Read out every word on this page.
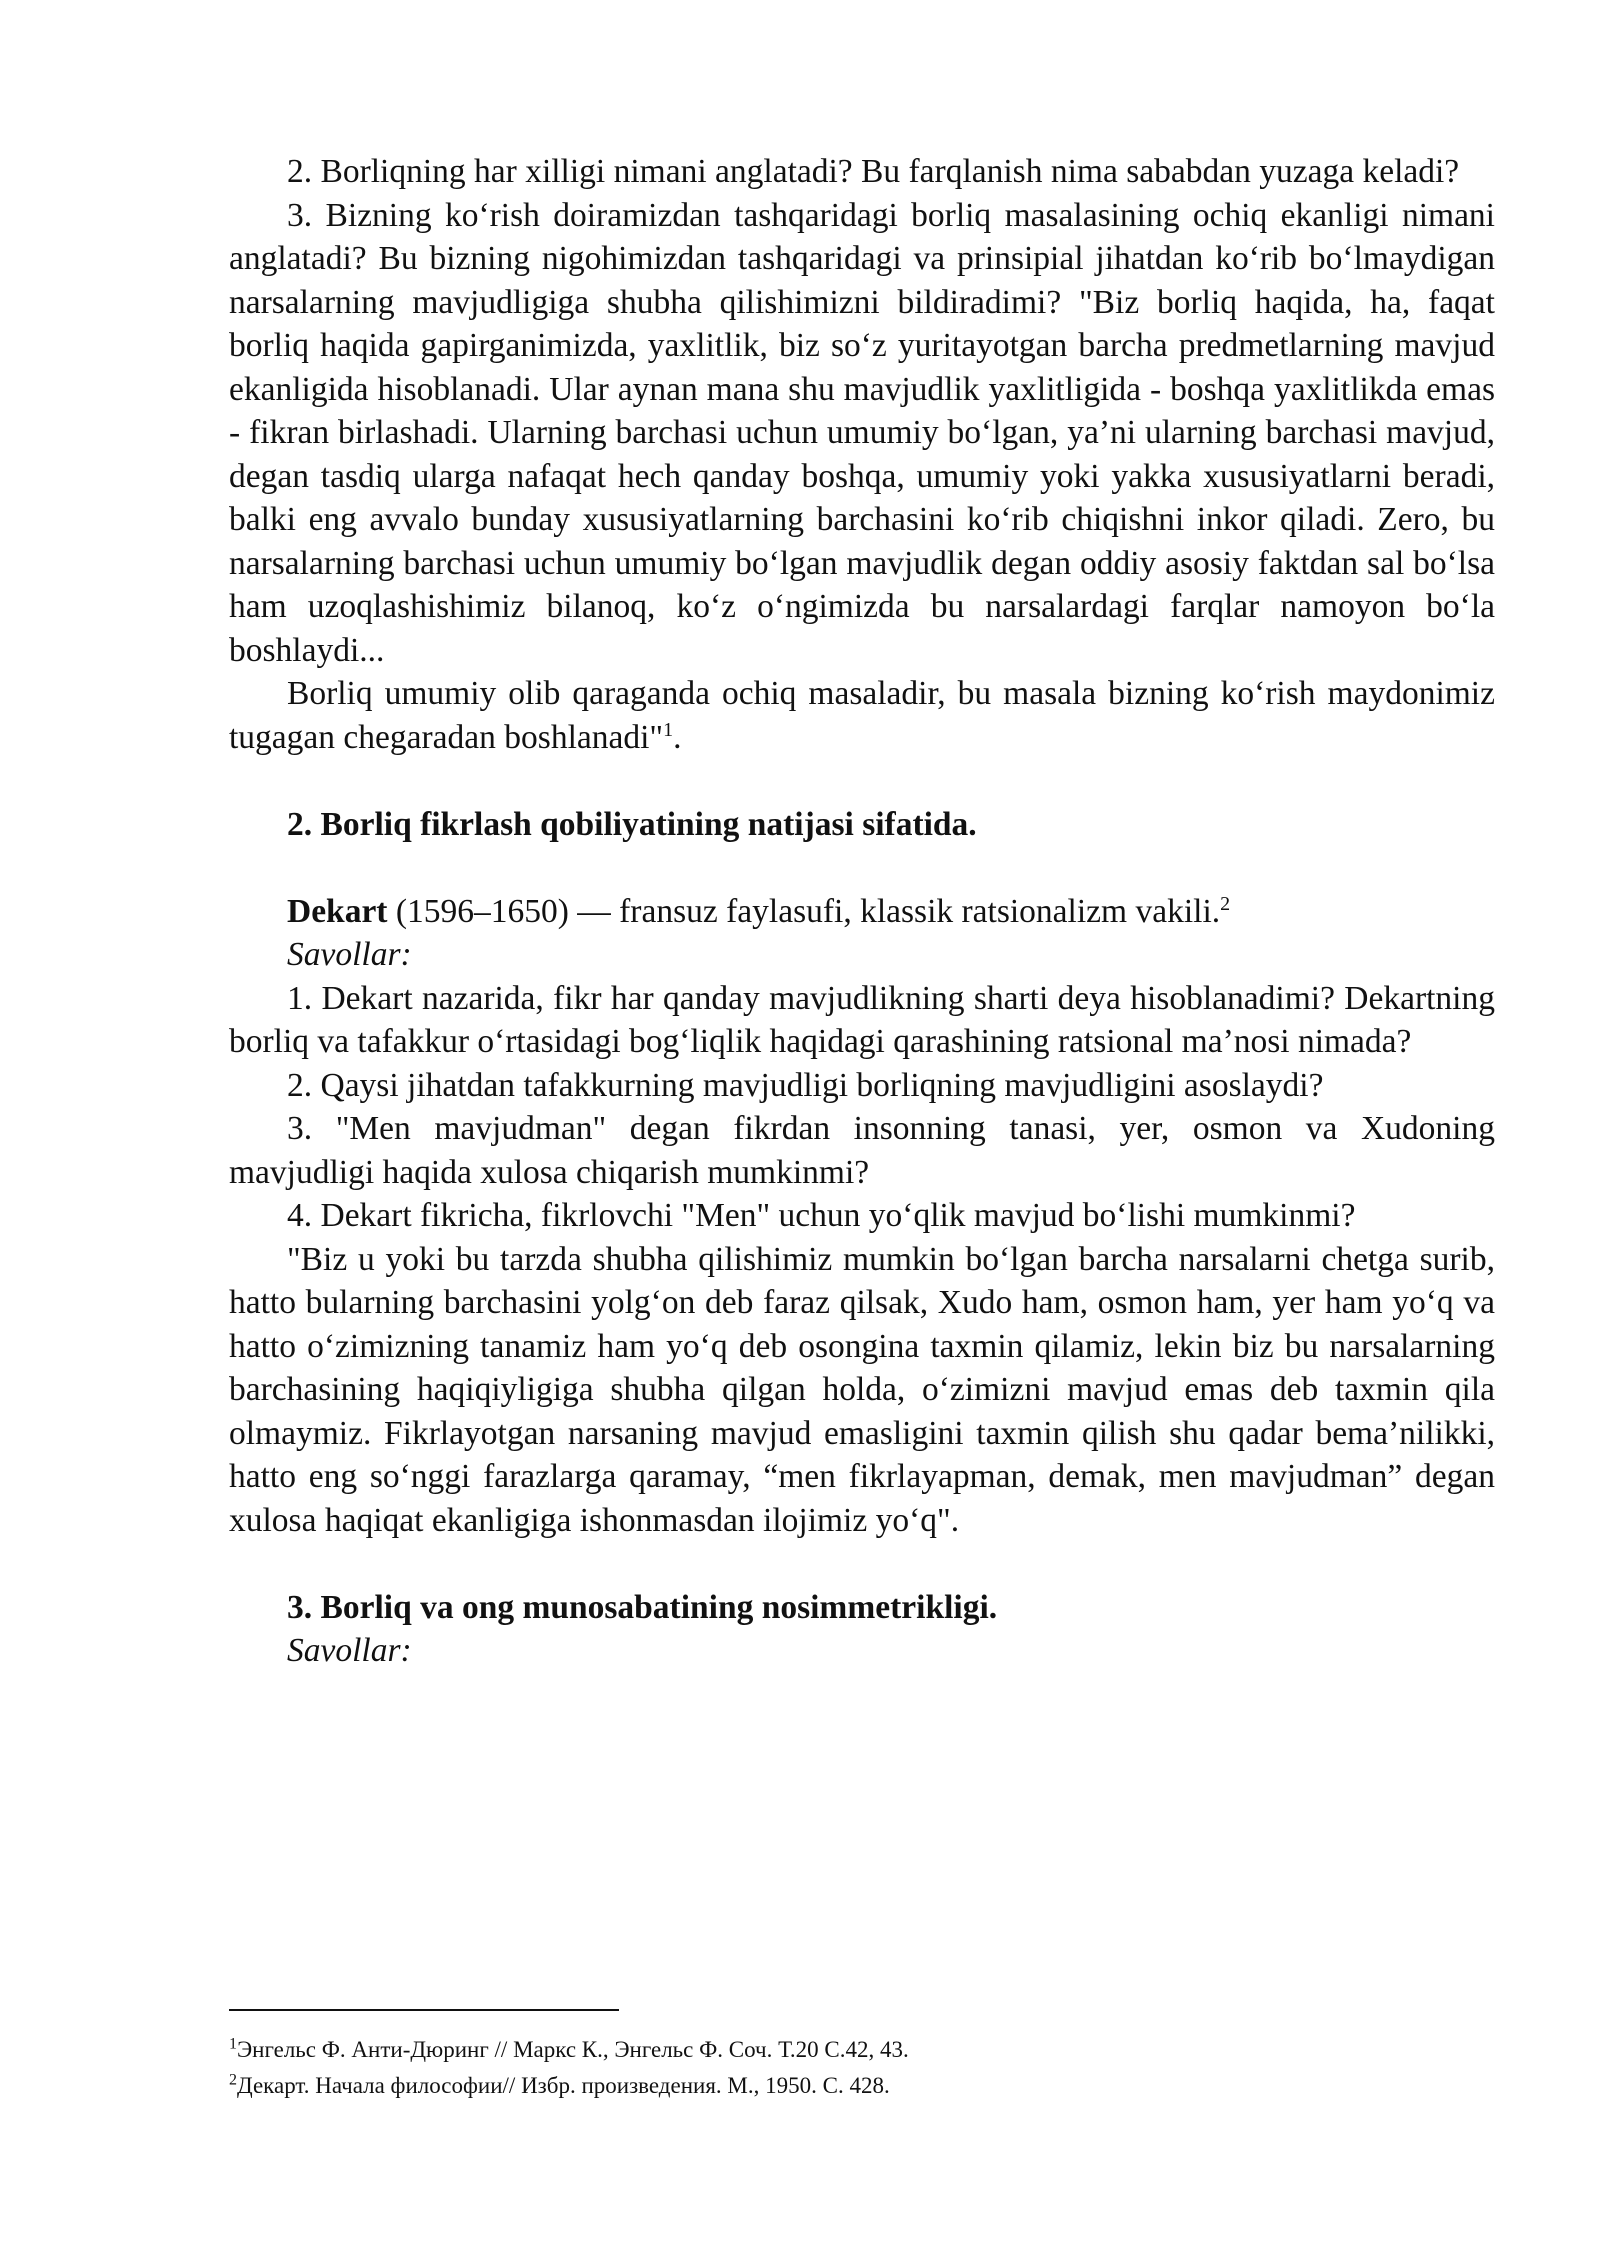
2. Borliqning har xilligi nimani anglatadi? Bu farqlanish nima sababdan yuzaga keladi?

3. Bizning ko‘rish doiramizdan tashqaridagi borliq masalasining ochiq ekanligi nimani anglatadi? Bu bizning nigohimizdan tashqaridagi va prinsipial jihatdan ko‘rib bo‘lmaydigan narsalarning mavjudligiga shubha qilishimizni bildiradimi? "Biz borliq haqida, ha, faqat borliq haqida gapirganimizda, yaxlitlik, biz so‘z yuritayotgan barcha predmetlarning mavjud ekanligida hisoblanadi. Ular aynan mana shu mavjudlik yaxlitligida - boshqa yaxlitlikda emas - fikran birlashadi. Ularning barchasi uchun umumiy bo‘lgan, ya’ni ularning barchasi mavjud, degan tasdiq ularga nafaqat hech qanday boshqa, umumiy yoki yakka xususiyatlarni beradi, balki eng avvalo bunday xususiyatlarning barchasini ko‘rib chiqishni inkor qiladi. Zero, bu narsalarning barchasi uchun umumiy bo‘lgan mavjudlik degan oddiy asosiy faktdan sal bo‘lsa ham uzoqlashishimiz bilanoq, ko‘z o‘ngimizda bu narsalardagi farqlar namoyon bo‘la boshlaydi...

Borliq umumiy olib qaraganda ochiq masaladir, bu masala bizning ko‘rish maydonimiz tugagan chegaradan boshlanadi"$^1$.

2. Borliq fikrlash qobiliyatining natijasi sifatida.

Dekart (1596–1650) — fransuz faylasufi, klassik ratsionalizm vakili.$^2$

Savollar:

1. Dekart nazarida, fikr har qanday mavjudlikning sharti deya hisoblanadimi? Dekartning borliq va tafakkur o‘rtasidagi bog‘liqlik haqidagi qarashining ratsional ma’nosi nimada?

2. Qaysi jihatdan tafakkurning mavjudligi borliqning mavjudligini asoslaydi?

3. "Men mavjudman" degan fikrdan insonning tanasi, yer, osmon va Xudoning mavjudligi haqida xulosa chiqarish mumkinmi?

4. Dekart fikricha, fikrlovchi "Men" uchun yo‘qlik mavjud bo‘lishi mumkinmi?

"Biz u yoki bu tarzda shubha qilishimiz mumkin bo‘lgan barcha narsalarni chetga surib, hatto bularning barchasini yolg‘on deb faraz qilsak, Xudo ham, osmon ham, yer ham yo‘q va hatto o‘zimizning tanamiz ham yo‘q deb osongina taxmin qilamiz, lekin biz bu narsalarning barchasining haqiqiyligiga shubha qilgan holda, o‘zimizni mavjud emas deb taxmin qila olmaymiz. Fikrlayotgan narsaning mavjud emasligini taxmin qilish shu qadar bema’nilikki, hatto eng so‘nggi farazlarga qaramay, “men fikrlayapman, demak, men mavjudman” degan xulosa haqiqat ekanligiga ishonmasdan ilojimiz yo‘q".

3. Borliq va ong munosabatining nosimmetrikligi.

Savollar:

$^1$Энгельс Ф. Анти-Дюринг // Маркс К., Энгельс Ф. Соч. Т.20 С.42, 43.

$^2$Декарт. Начала философии// Избр. произведения. М., 1950. С. 428.
